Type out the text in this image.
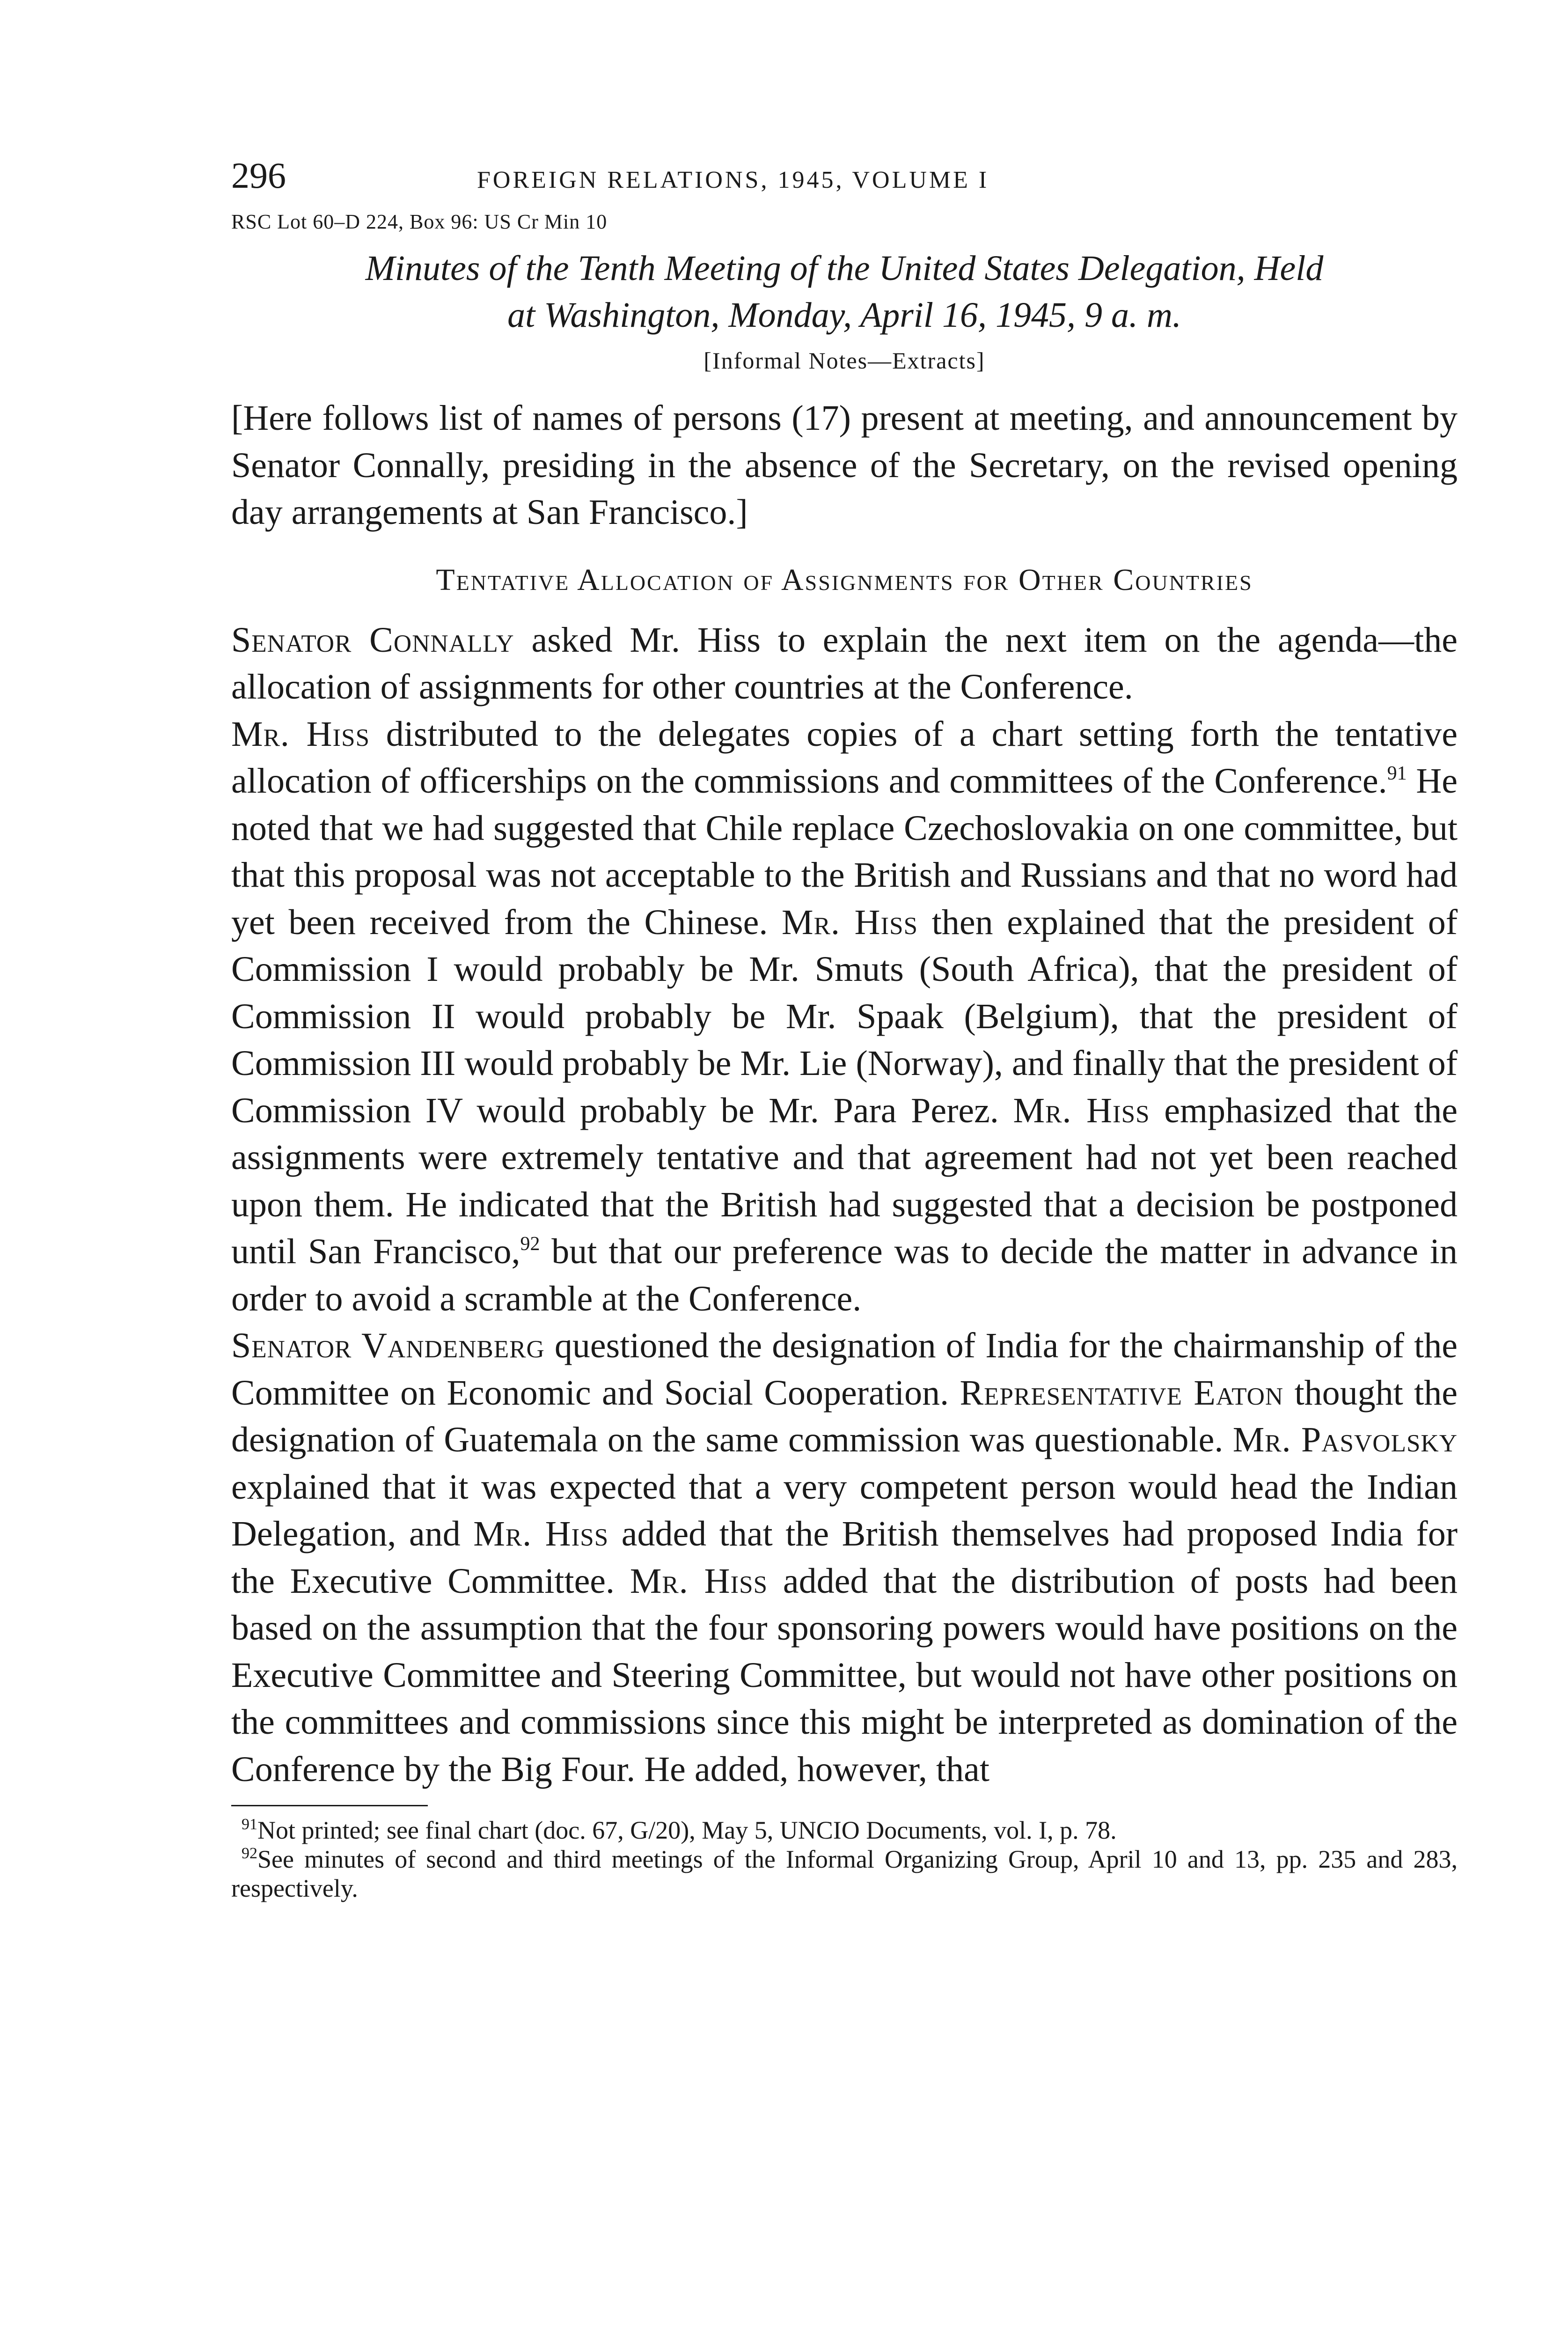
296	FOREIGN RELATIONS, 1945, VOLUME I
RSC Lot 60–D 224, Box 96: US Cr Min 10
Minutes of the Tenth Meeting of the United States Delegation, Held
at Washington, Monday, April 16, 1945, 9 a. m.
[Informal Notes—Extracts]

[Here follows list of names of persons (17) present at meeting, and announcement by Senator Connally, presiding in the absence of the Secretary, on the revised opening day arrangements at San Francisco.]

Tentative Allocation of Assignments for Other Countries

Senator Connally asked Mr. Hiss to explain the next item on the agenda—the allocation of assignments for other countries at the Conference.

Mr. Hiss distributed to the delegates copies of a chart setting forth the tentative allocation of officerships on the commissions and committees of the Conference.$^{91}$ He noted that we had suggested that Chile replace Czechoslovakia on one committee, but that this proposal was not acceptable to the British and Russians and that no word had yet been received from the Chinese. Mr. Hiss then explained that the president of Commission I would probably be Mr. Smuts (South Africa), that the president of Commission II would probably be Mr. Spaak (Belgium), that the president of Commission III would probably be Mr. Lie (Norway), and finally that the president of Commission IV would probably be Mr. Para Perez. Mr. Hiss emphasized that the assignments were extremely tentative and that agreement had not yet been reached upon them. He indicated that the British had suggested that a decision be postponed until San Francisco,$^{92}$ but that our preference was to decide the matter in advance in order to avoid a scramble at the Conference.

Senator Vandenberg questioned the designation of India for the chairmanship of the Committee on Economic and Social Cooperation. Representative Eaton thought the designation of Guatemala on the same commission was questionable. Mr. Pasvolsky explained that it was expected that a very competent person would head the Indian Delegation, and Mr. Hiss added that the British themselves had proposed India for the Executive Committee. Mr. Hiss added that the distribution of posts had been based on the assumption that the four sponsoring powers would have positions on the Executive Committee and Steering Committee, but would not have other positions on the committees and commissions since this might be interpreted as domination of the Conference by the Big Four. He added, however, that

$^{91}$Not printed; see final chart (doc. 67, G/20), May 5, UNCIO Documents, vol. I, p. 78.

$^{92}$See minutes of second and third meetings of the Informal Organizing Group, April 10 and 13, pp. 235 and 283, respectively.
